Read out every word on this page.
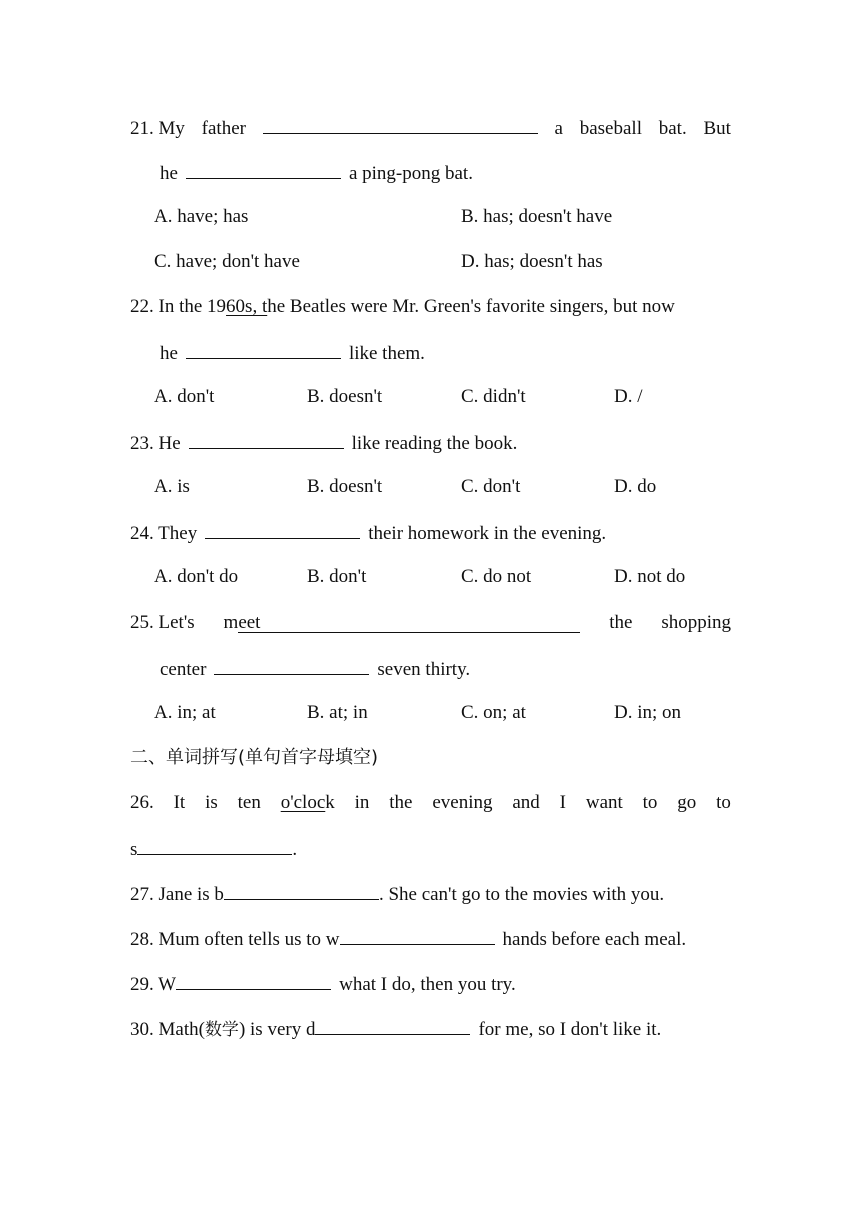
21. My father	a baseball bat. But
he	a ping-pong bat.
A. have; has	B. has; doesn't have
C. have; don't have	D. has; doesn't has
22. In the 1960s, the Beatles were Mr. Green's favorite singers, but now
he	like them.
A. don't	B. doesn't	C. didn't	D. /
23. He	like reading the book.
A. is	B. doesn't	C. don't	D. do
24. They	their homework in the evening.
A. don't do	B. don't	C. do not	D. not do
25. Let's meet	the shopping
center	seven thirty.
A. in; at	B. at; in	C. on; at	D. in; on
二、单词拼写(单句首字母填空)
26. It is ten o'clock in the evening and I want to go to
s	.
27. Jane is b	. She can't go to the movies with you.
28. Mum often tells us to w	hands before each meal.
29. W	what I do, then you try.
30. Math(数学) is very d	for me, so I don't like it.
